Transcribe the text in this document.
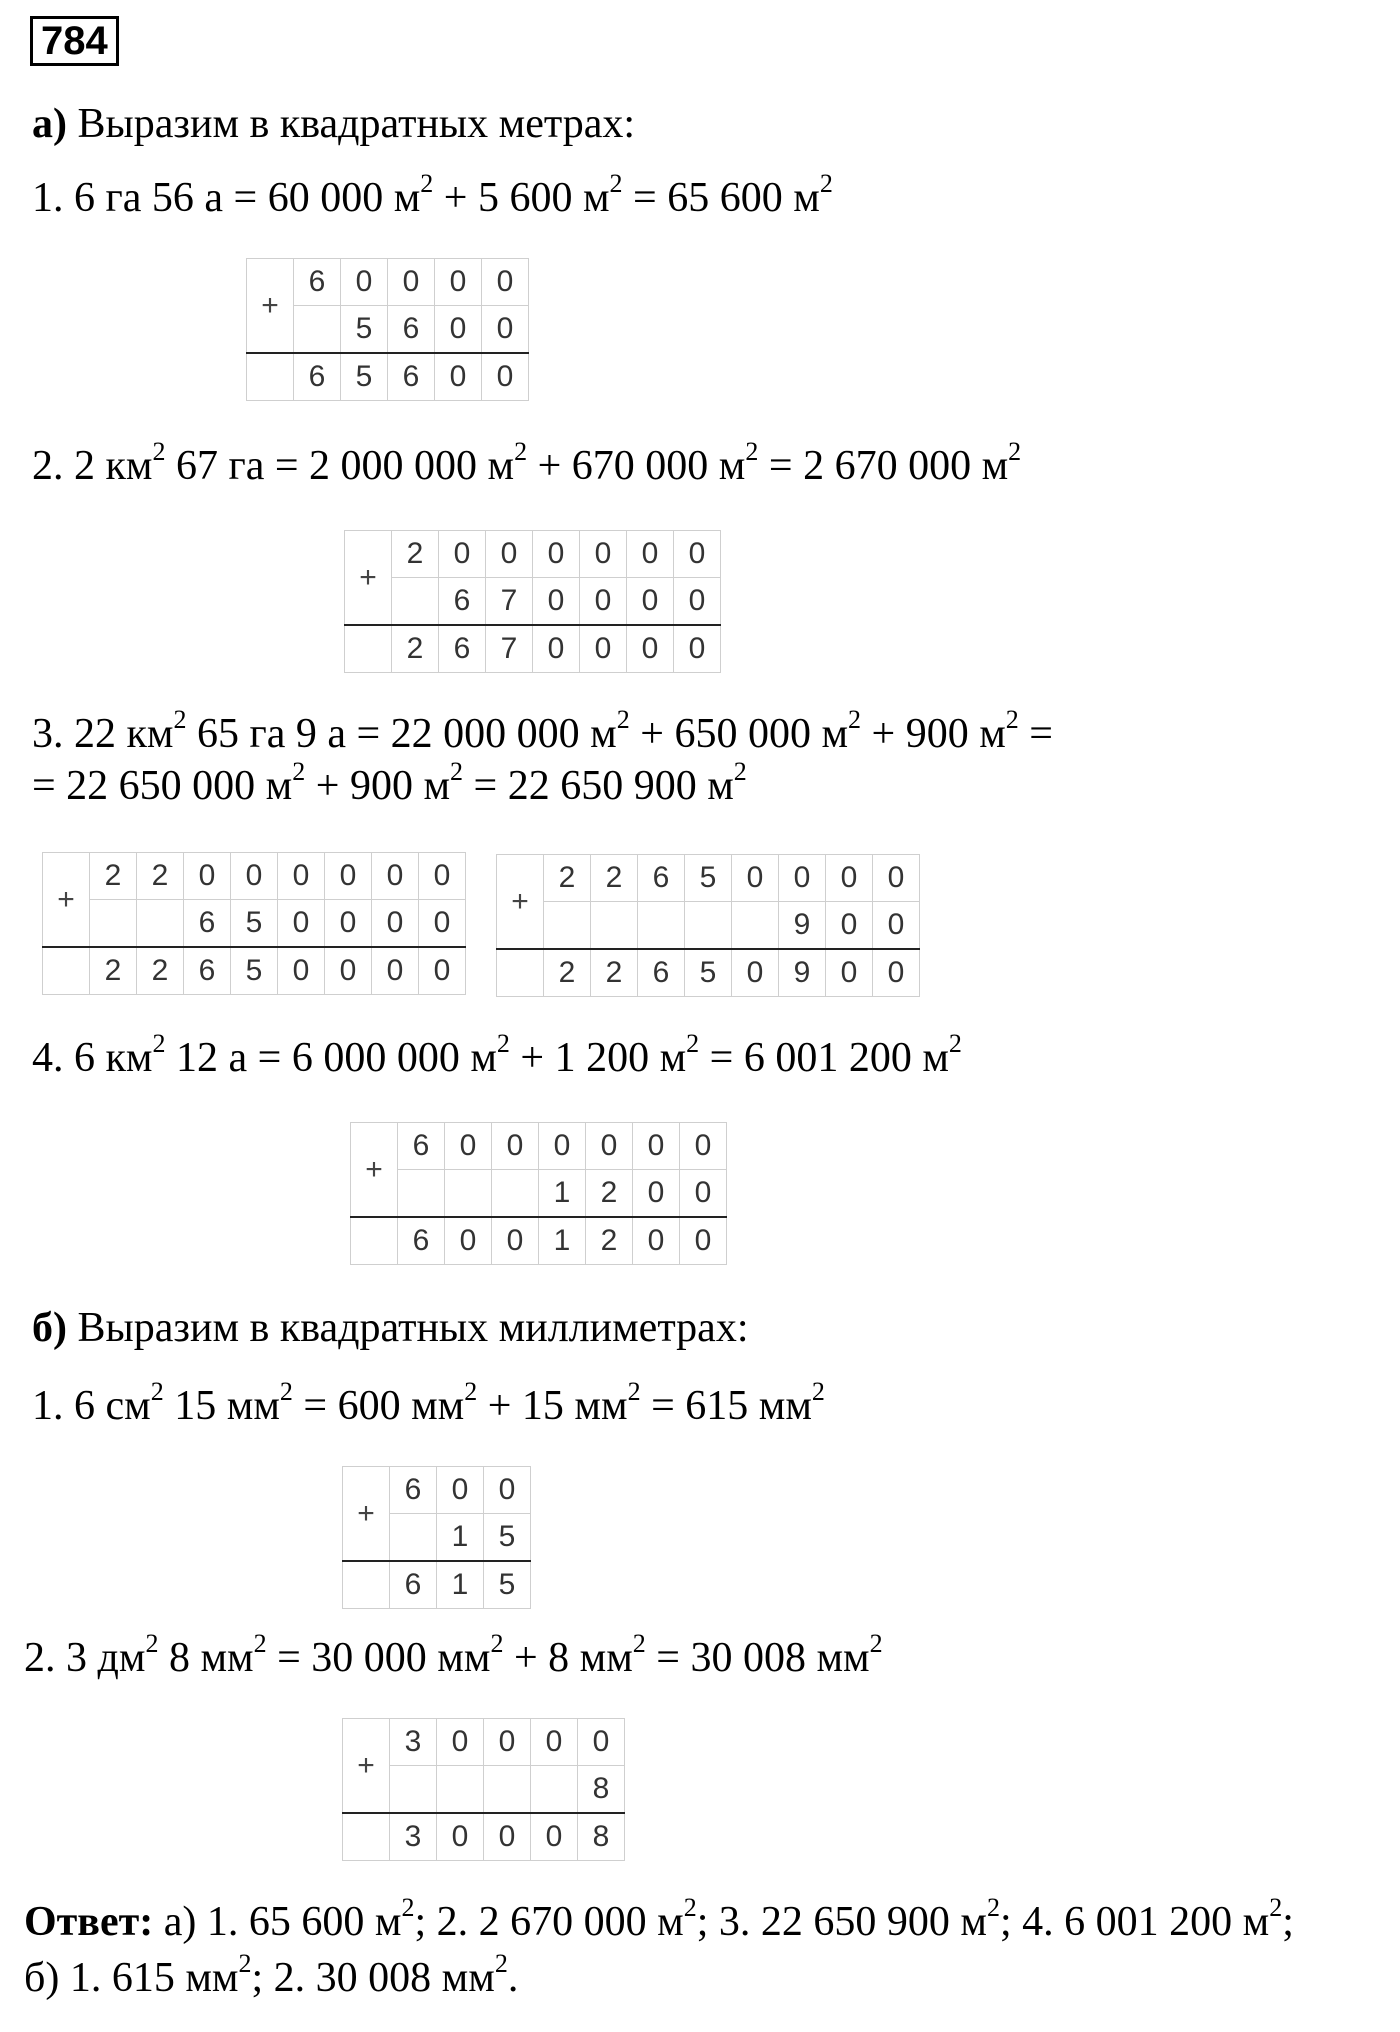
784
а) Выразим в квадратных метрах:
1. 6 га 56 а = 60 000 $м^2 + 5$ 600 $м^2 = 65$ 600 $м^2$
2. 2 $км^2$ 67 га = 2 000 000 $м^2 + 670$ 000 $м^2 = 2$ 670 000 $м^2$
3. 22 $км^2$ 65 га 9 а = 22 000 000 $м^2 + 650$ 000 $м^2 + 900$ $м^2$ =
= 22 650 000 $м^2 + 900$ $м^2 = 22$ 650 900 $м^2$
4. 6 $км^2$ 12 а = 6 000 000 $м^2 + 1$ 200 $м^2 = 6$ 001 200 $м^2$
б) Выразим в квадратных миллиметрах:
1. 6 $см^2$ 15 $мм^2 = 600$ $мм^2 + 15$ $мм^2 = 615$ $мм^2$
2. 3 $дм^2$ 8 $мм^2 = 30$ 000 $мм^2 + 8$ $мм^2 = 30$ 008 $мм^2$
+	6	0	0	0	0
		5	6	0	0
	6	5	6	0	0
+	2	0	0	0	0	0	0
		6	7	0	0	0	0
	2	6	7	0	0	0	0
+	2	2	0	0	0	0	0	0
			6	5	0	0	0	0
	2	2	6	5	0	0	0	0
+	2	2	6	5	0	0	0	0
						9	0	0
	2	2	6	5	0	9	0	0
+	6	0	0	0	0	0	0
				1	2	0	0
	6	0	0	1	2	0	0
+	6	0	0
		1	5
	6	1	5
+	3	0	0	0	0
					8
	3	0	0	0	8
Ответ: а) 1. 65 600 $м^2$; 2. 2 670 000 $м^2$; 3. 22 650 900 $м^2$; 4. 6 001 200 $м^2$;
б) 1. 615 $мм^2$; 2. 30 008 $мм^2$.
